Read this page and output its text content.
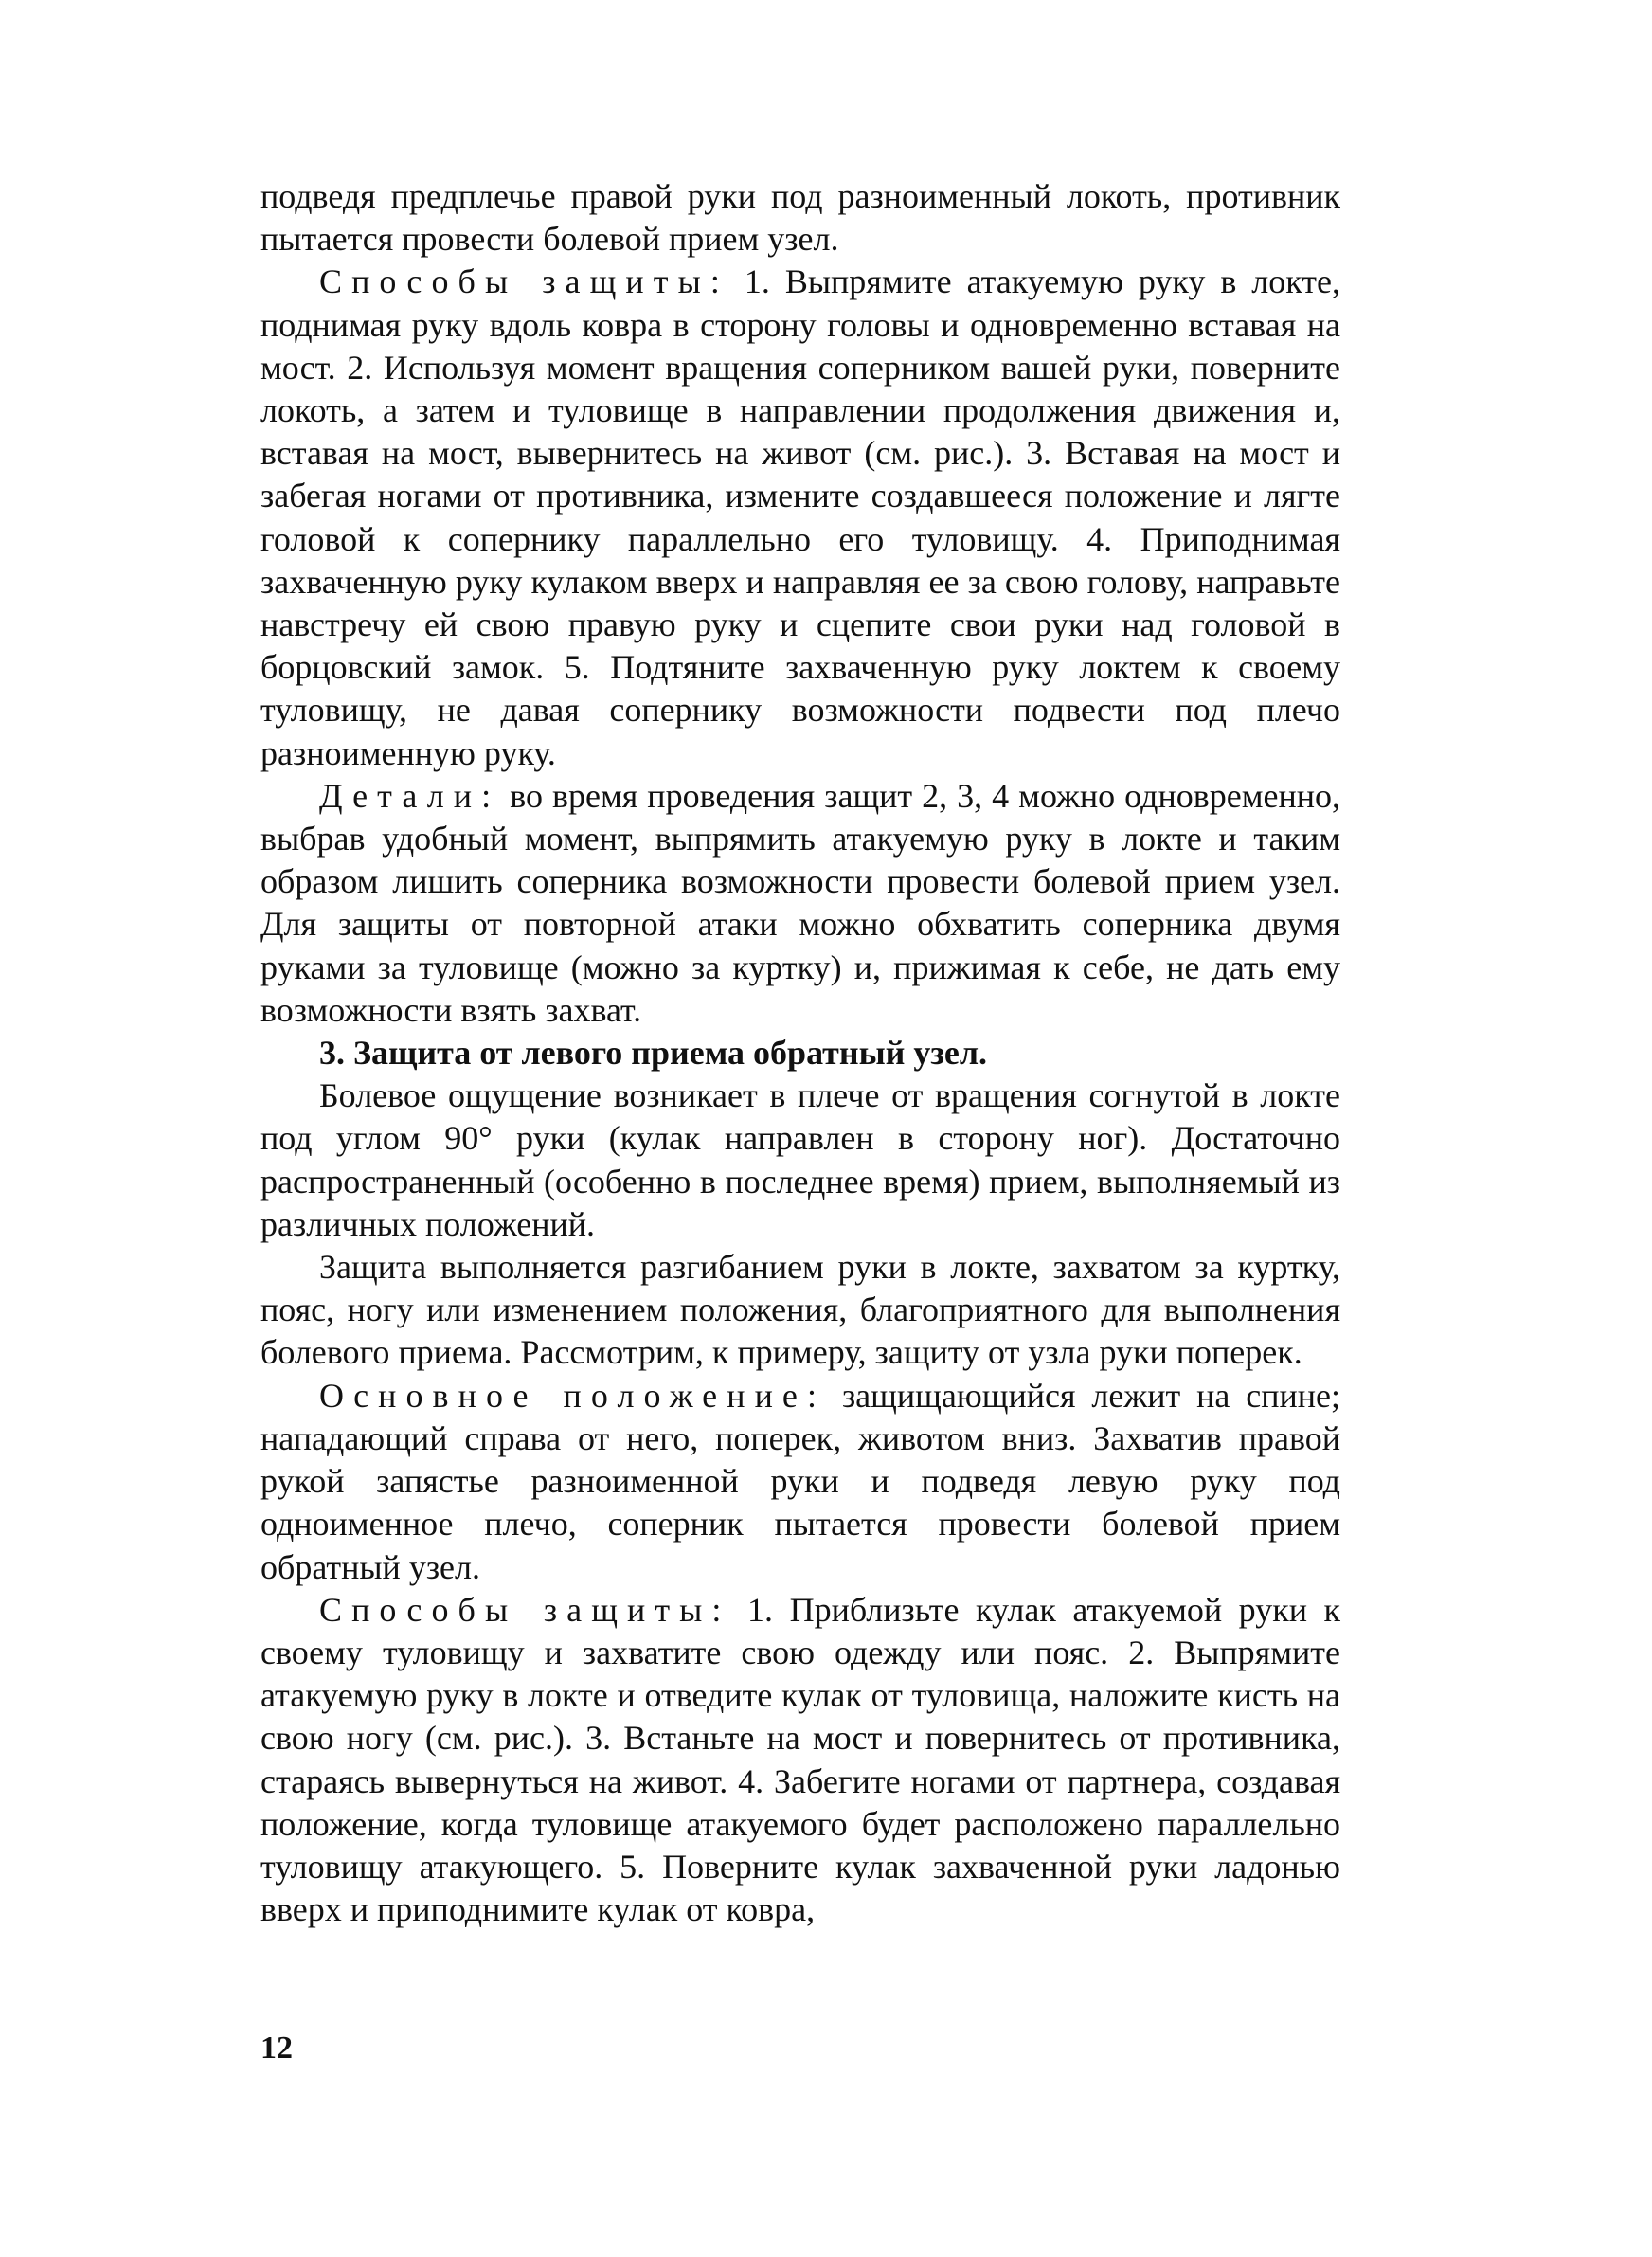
подведя предплечье правой руки под разноименный локоть, противник пытается провести болевой прием узел.

Способы защиты: 1. Выпрямите атакуемую руку в локте, поднимая руку вдоль ковра в сторону головы и одновременно вставая на мост. 2. Используя момент вращения соперником вашей руки, поверните локоть, а затем и туловище в направлении продолжения движения и, вставая на мост, вывернитесь на живот (см. рис.). 3. Вставая на мост и забегая ногами от противника, измените создавшееся положение и лягте головой к сопернику параллельно его туловищу. 4. Приподнимая захваченную руку кулаком вверх и направляя ее за свою голову, направьте навстречу ей свою правую руку и сцепите свои руки над головой в борцовский замок. 5. Подтяните захваченную руку локтем к своему туловищу, не давая сопернику возможности подвести под плечо разноименную руку.

Детали: во время проведения защит 2, 3, 4 можно одновременно, выбрав удобный момент, выпрямить атакуемую руку в локте и таким образом лишить соперника возможности провести болевой прием узел. Для защиты от повторной атаки можно обхватить соперника двумя руками за туловище (можно за куртку) и, прижимая к себе, не дать ему возможности взять захват.

3. Защита от левого приема обратный узел.

Болевое ощущение возникает в плече от вращения согнутой в локте под углом 90° руки (кулак направлен в сторону ног). Достаточно распространенный (особенно в последнее время) прием, выполняемый из различных положений.

Защита выполняется разгибанием руки в локте, захватом за куртку, пояс, ногу или изменением положения, благоприятного для выполнения болевого приема. Рассмотрим, к примеру, защиту от узла руки поперек.

Основное положение: защищающийся лежит на спине; нападающий справа от него, поперек, животом вниз. Захватив правой рукой запястье разноименной руки и подведя левую руку под одноименное плечо, соперник пытается провести болевой прием обратный узел.

Способы защиты: 1. Приблизьте кулак атакуемой руки к своему туловищу и захватите свою одежду или пояс. 2. Выпрямите атакуемую руку в локте и отведите кулак от туловища, наложите кисть на свою ногу (см. рис.). 3. Встаньте на мост и повернитесь от противника, стараясь вывернуться на живот. 4. Забегите ногами от партнера, создавая положение, когда туловище атакуемого будет расположено параллельно туловищу атакующего. 5. Поверните кулак захваченной руки ладонью вверх и приподнимите кулак от ковра,

12
